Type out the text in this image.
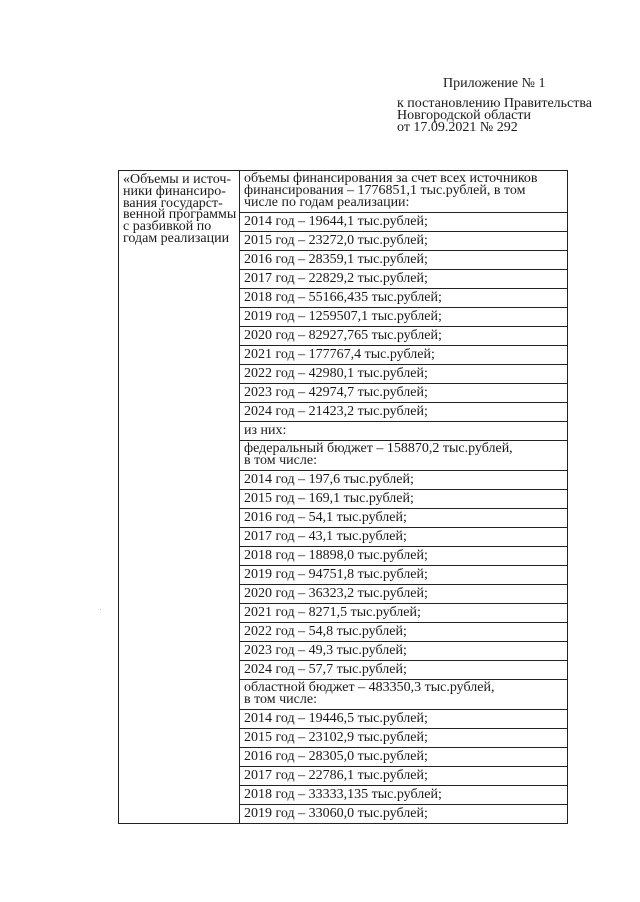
Приложение № 1
к постановлению Правительства
Новгородской области
от 17.09.2021 № 292
«Объемы и источ-
ники финансиро-
вания государст-
венной программы
с разбивкой по
годам реализации

объемы финансирования за счет всех источников
финансирования – 1776851,1 тыс.рублей, в том
числе по годам реализации:
2014 год – 19644,1 тыс.рублей;
2015 год – 23272,0 тыс.рублей;
2016 год – 28359,1 тыс.рублей;
2017 год – 22829,2 тыс.рублей;
2018 год – 55166,435 тыс.рублей;
2019 год – 1259507,1 тыс.рублей;
2020 год – 82927,765 тыс.рублей;
2021 год – 177767,4 тыс.рублей;
2022 год – 42980,1 тыс.рублей;
2023 год – 42974,7 тыс.рублей;
2024 год – 21423,2 тыс.рублей;
из них:
федеральный бюджет – 158870,2 тыс.рублей,
в том числе:
2014 год – 197,6 тыс.рублей;
2015 год – 169,1 тыс.рублей;
2016 год – 54,1 тыс.рублей;
2017 год – 43,1 тыс.рублей;
2018 год – 18898,0 тыс.рублей;
2019 год – 94751,8 тыс.рублей;
2020 год – 36323,2 тыс.рублей;
2021 год – 8271,5 тыс.рублей;
2022 год – 54,8 тыс.рублей;
2023 год – 49,3 тыс.рублей;
2024 год – 57,7 тыс.рублей;
областной бюджет – 483350,3 тыс.рублей,
в том числе:
2014 год – 19446,5 тыс.рублей;
2015 год – 23102,9 тыс.рублей;
2016 год – 28305,0 тыс.рублей;
2017 год – 22786,1 тыс.рублей;
2018 год – 33333,135 тыс.рублей;
2019 год – 33060,0 тыс.рублей;
